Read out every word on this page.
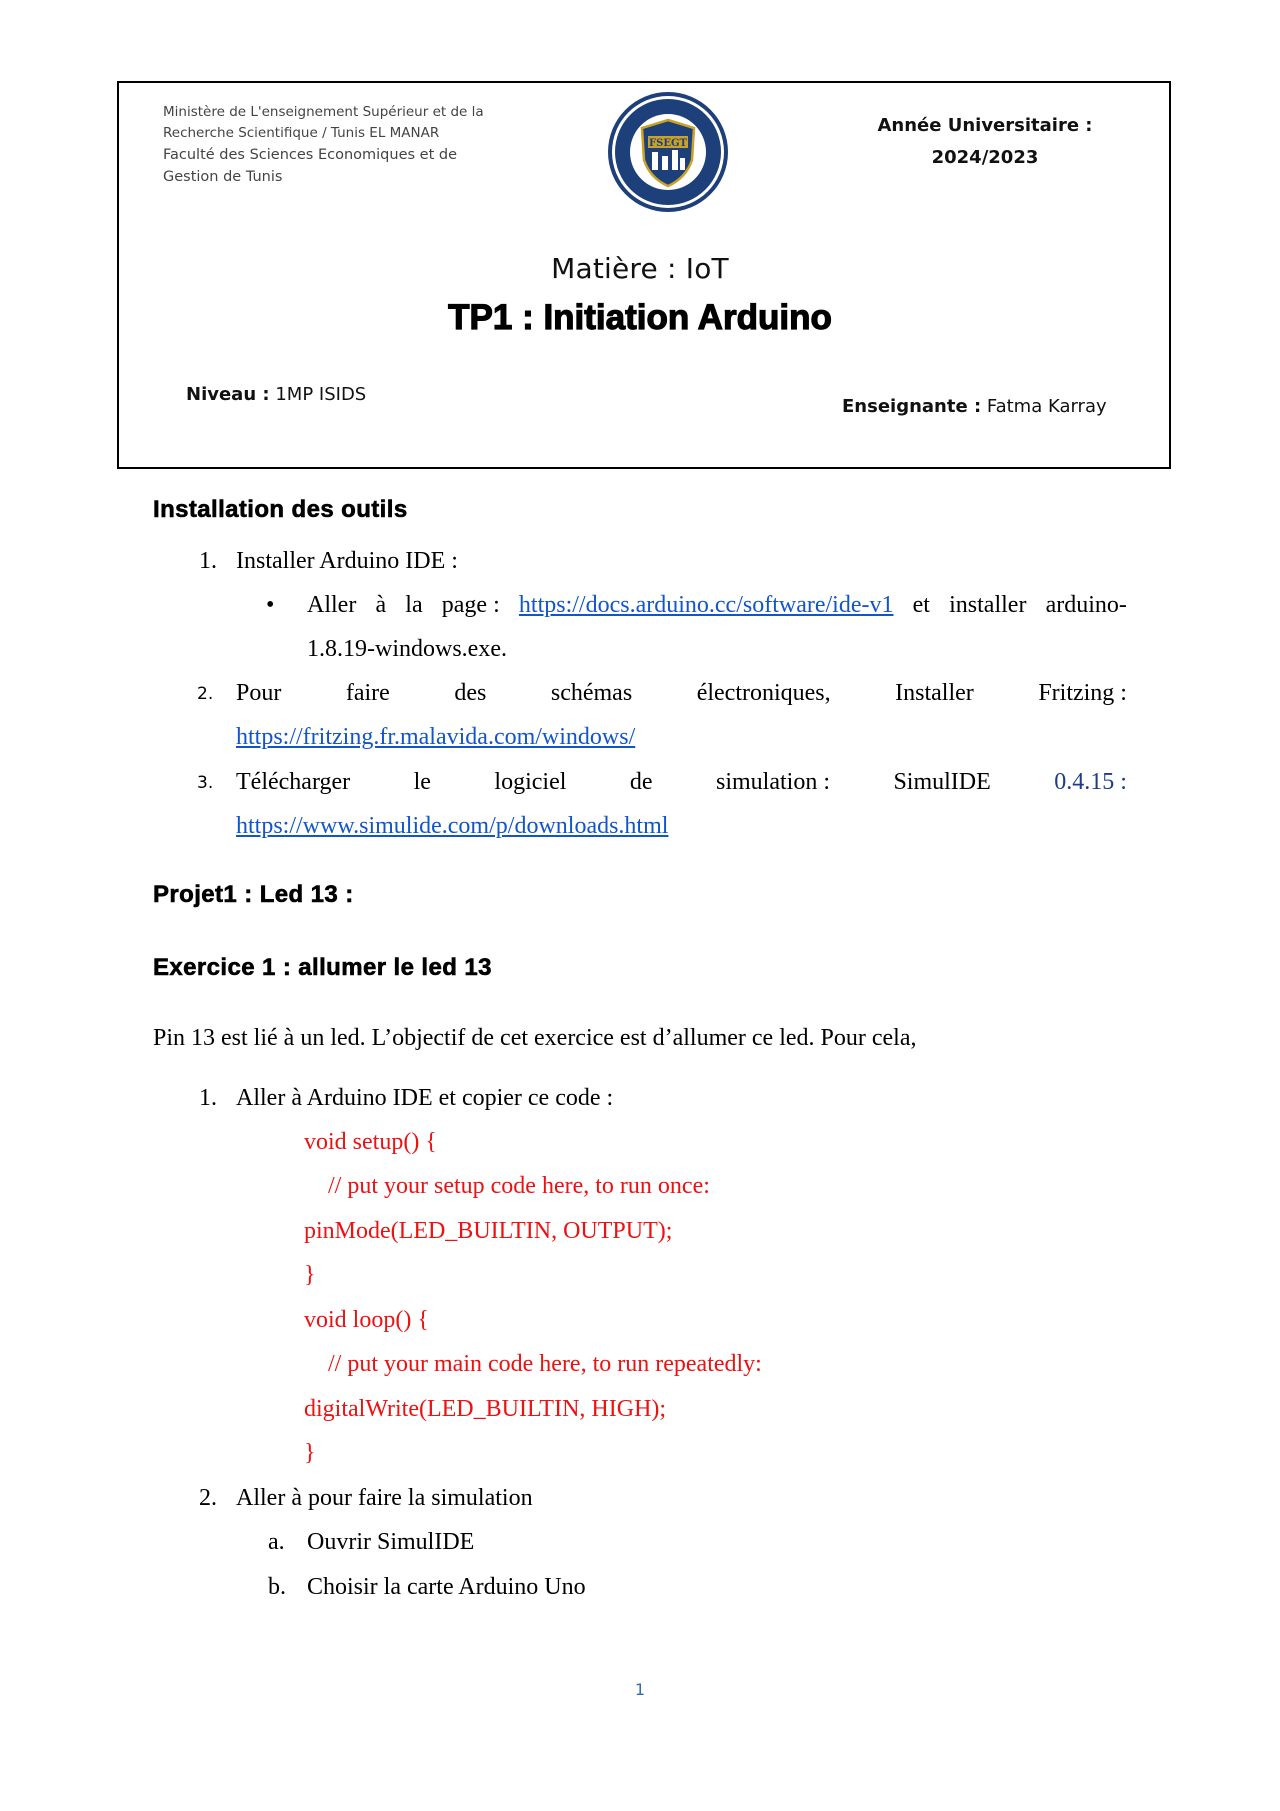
Ministère de L'enseignement Supérieur et de la
Recherche Scientifique / Tunis EL MANAR
Faculté des Sciences Economiques et de
Gestion de Tunis
FSEGT
Année Universitaire :
2024/2023
Matière : IoT
TP1 : Initiation Arduino
Niveau : 1MP ISIDS
Enseignante : Fatma Karray
Installation des outils
1. Installer Arduino IDE :
• Aller à la page : https://docs.arduino.cc/software/ide-v1 et installer arduino-
1.8.19-windows.exe.
2. Pour	faire	des	schémas	électroniques,	Installer	Fritzing :
https://fritzing.fr.malavida.com/windows/
3. Télécharger	le	logiciel	de	simulation :	SimulIDE	0.4.15 :
https://www.simulide.com/p/downloads.html
Projet1 : Led 13 :
Exercice 1 : allumer le led 13
Pin 13 est lié à un led. L’objectif de cet exercice est d’allumer ce led. Pour cela,
1. Aller à Arduino IDE et copier ce code :
void setup() {
// put your setup code here, to run once:
pinMode(LED_BUILTIN, OUTPUT);
}
void loop() {
// put your main code here, to run repeatedly:
digitalWrite(LED_BUILTIN, HIGH);
}
2. Aller à pour faire la simulation
a. Ouvrir SimulIDE
b. Choisir la carte Arduino Uno
1
